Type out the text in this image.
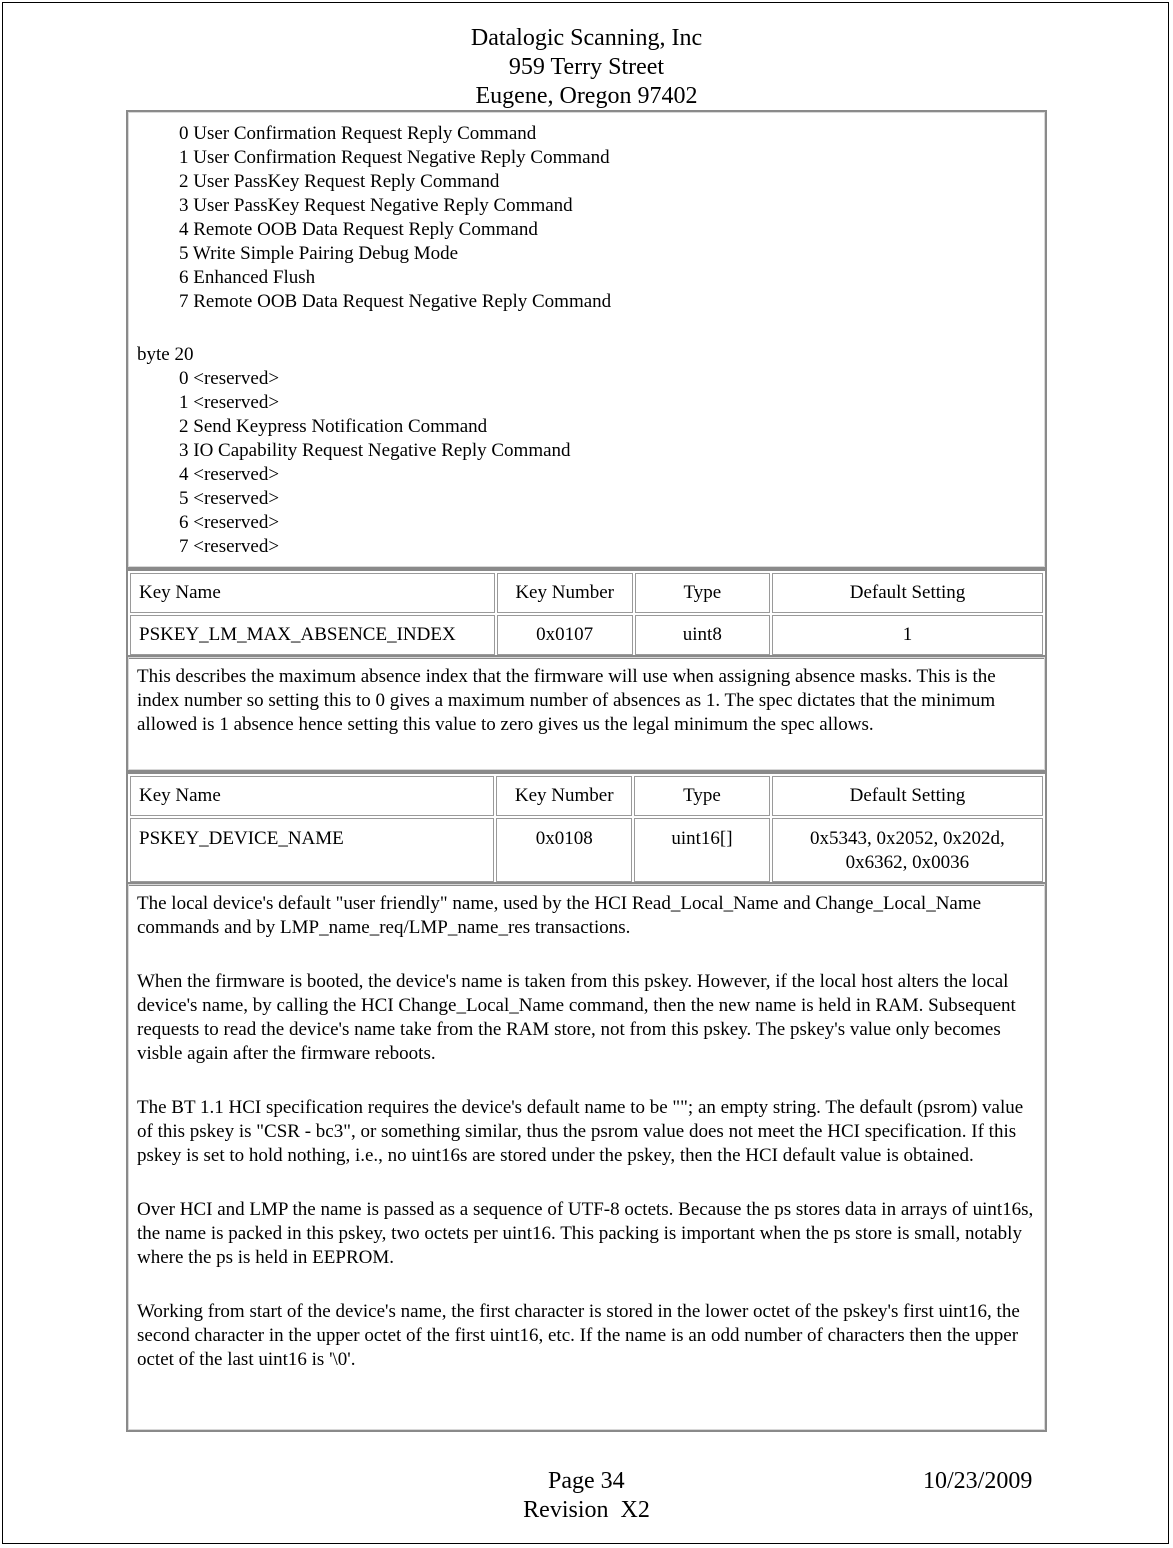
Datalogic Scanning, Inc
959 Terry Street
Eugene, Oregon 97402
0 User Confirmation Request Reply Command
1 User Confirmation Request Negative Reply Command
2 User PassKey Request Reply Command
3 User PassKey Request Negative Reply Command
4 Remote OOB Data Request Reply Command
5 Write Simple Pairing Debug Mode
6 Enhanced Flush
7 Remote OOB Data Request Negative Reply Command
byte 20
0 <reserved>
1 <reserved>
2 Send Keypress Notification Command
3 IO Capability Request Negative Reply Command
4 <reserved>
5 <reserved>
6 <reserved>
7 <reserved>
Key Name	Key Number	Type	Default Setting
PSKEY_LM_MAX_ABSENCE_INDEX	0x0107	uint8	1

This describes the maximum absence index that the firmware will use when assigning absence masks. This is the index number so setting this to 0 gives a maximum number of absences as 1. The spec dictates that the minimum allowed is 1 absence hence setting this value to zero gives us the legal minimum the spec allows.

Key Name	Key Number	Type	Default Setting
PSKEY_DEVICE_NAME	0x0108	uint16[]	0x5343, 0x2052, 0x202d, 0x6362, 0x0036

The local device's default "user friendly" name, used by the HCI Read_Local_Name and Change_Local_Name commands and by LMP_name_req/LMP_name_res transactions.

When the firmware is booted, the device's name is taken from this pskey. However, if the local host alters the local device's name, by calling the HCI Change_Local_Name command, then the new name is held in RAM. Subsequent requests to read the device's name take from the RAM store, not from this pskey. The pskey's value only becomes visble again after the firmware reboots.

The BT 1.1 HCI specification requires the device's default name to be ""; an empty string. The default (psrom) value of this pskey is "CSR - bc3", or something similar, thus the psrom value does not meet the HCI specification. If this pskey is set to hold nothing, i.e., no uint16s are stored under the pskey, then the HCI default value is obtained.

Over HCI and LMP the name is passed as a sequence of UTF-8 octets. Because the ps stores data in arrays of uint16s, the name is packed in this pskey, two octets per uint16. This packing is important when the ps store is small, notably where the ps is held in EEPROM.

Working from start of the device's name, the first character is stored in the lower octet of the pskey's first uint16, the second character in the upper octet of the first uint16, etc. If the name is an odd number of characters then the upper octet of the last uint16 is '\0'.

Page 34	10/23/2009
Revision  X2
